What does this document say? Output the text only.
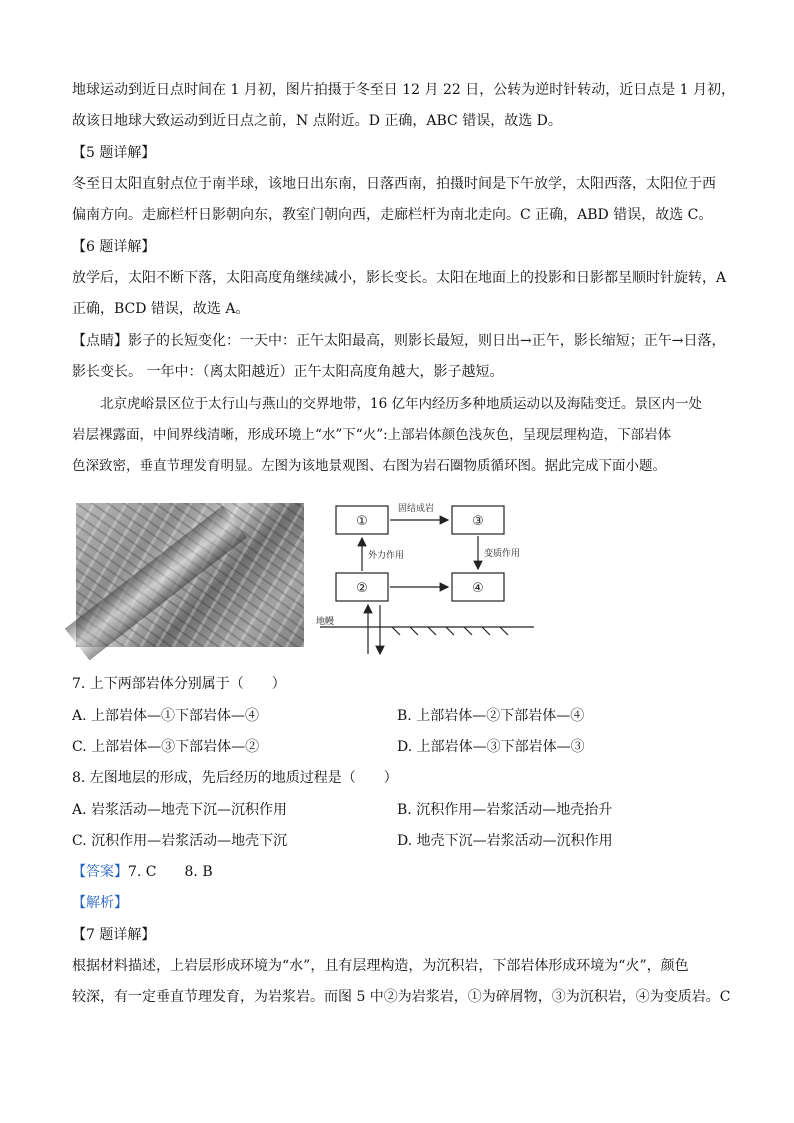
地球运动到近日点时间在 1 月初，图片拍摄于冬至日 12 月 22 日，公转为逆时针转动，近日点是 1 月初，
故该日地球大致运动到近日点之前，N 点附近。D 正确，ABC 错误，故选 D。
【5 题详解】
冬至日太阳直射点位于南半球，该地日出东南，日落西南，拍摄时间是下午放学，太阳西落，太阳位于西
偏南方向。走廊栏杆日影朝向东，教室门朝向西，走廊栏杆为南北走向。C 正确，ABD 错误，故选 C。
【6 题详解】
放学后，太阳不断下落，太阳高度角继续减小，影长变长。太阳在地面上的投影和日影都呈顺时针旋转，A
正确，BCD 错误，故选 A。
【点睛】影子的长短变化：一天中：正午太阳最高，则影长最短，则日出→正午，影长缩短；正午→日落，
影长变长。 一年中：（离太阳越近）正午太阳高度角越大，影子越短。
北京虎峪景区位于太行山与燕山的交界地带，16 亿年内经历多种地质运动以及海陆变迁。景区内一处
岩层裸露面，中间界线清晰，形成环境上“水”下“火”:上部岩体颜色浅灰色，呈现层理构造，下部岩体
色深致密，垂直节理发育明显。左图为该地景观图、右图为岩石圈物质循环图。据此完成下面小题。
①	③
②	④
固结成岩
外力作用	变质作用
地幔
7. 上下两部岩体分别属于（　　）
A. 上部岩体—①下部岩体—④	B. 上部岩体—②下部岩体—④
C. 上部岩体—③下部岩体—②	D. 上部岩体—③下部岩体—③
8. 左图地层的形成，先后经历的地质过程是（　　）
A. 岩浆活动—地壳下沉—沉积作用	B. 沉积作用—岩浆活动—地壳抬升
C. 沉积作用—岩浆活动—地壳下沉	D. 地壳下沉—岩浆活动—沉积作用
【答案】7. C　　8. B
【解析】
【7 题详解】
根据材料描述，上岩层形成环境为“水”，且有层理构造，为沉积岩，下部岩体形成环境为“火”，颜色
较深，有一定垂直节理发育，为岩浆岩。而图 5 中②为岩浆岩，①为碎屑物，③为沉积岩，④为变质岩。C
